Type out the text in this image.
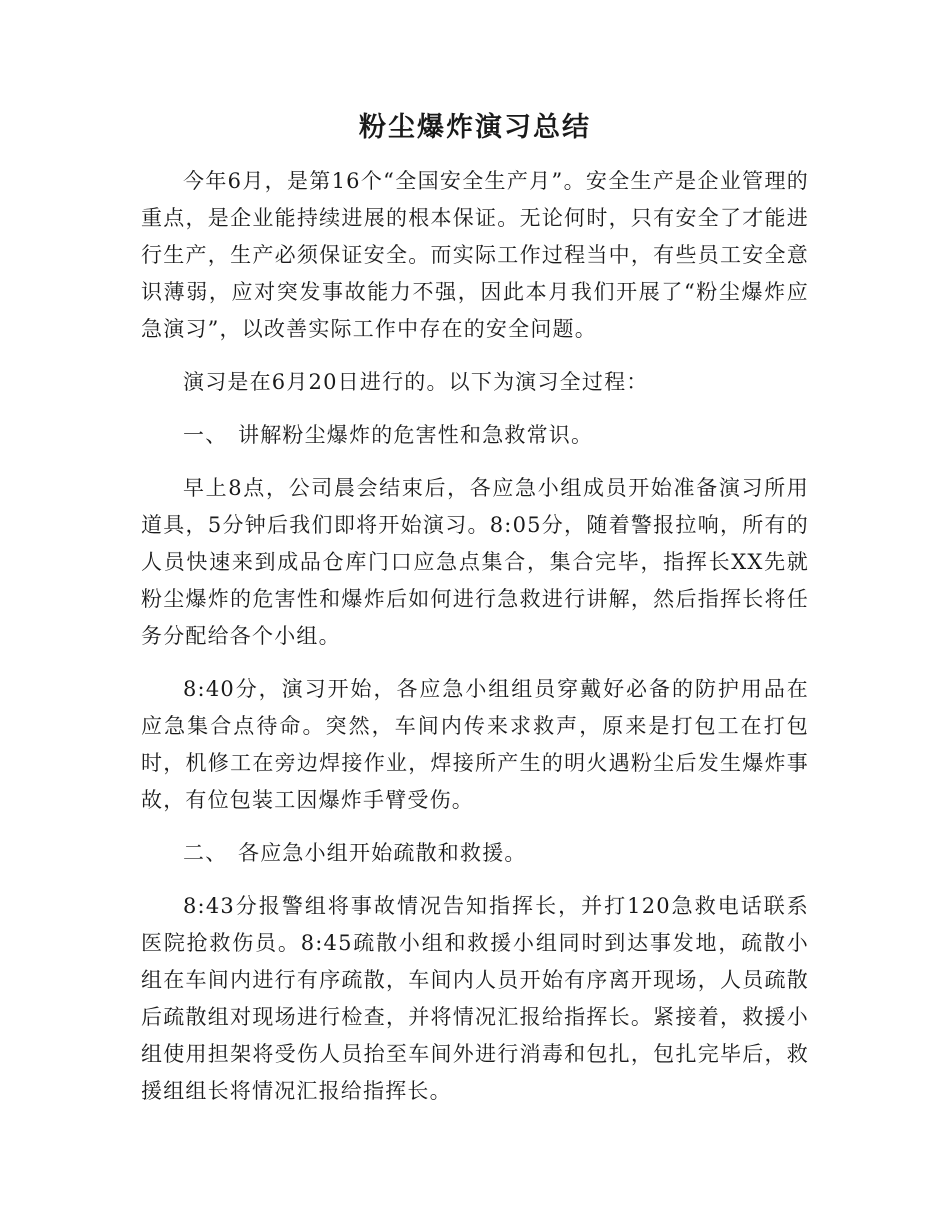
粉尘爆炸演习总结

今年6月，是第16个“全国安全生产月”。安全生产是企业管理的重点，是企业能持续进展的根本保证。无论何时，只有安全了才能进行生产，生产必须保证安全。而实际工作过程当中，有些员工安全意识薄弱，应对突发事故能力不强，因此本月我们开展了“粉尘爆炸应急演习”，以改善实际工作中存在的安全问题。

演习是在6月20日进行的。以下为演习全过程：

一、 讲解粉尘爆炸的危害性和急救常识。

早上8点，公司晨会结束后，各应急小组成员开始准备演习所用道具，5分钟后我们即将开始演习。8:05分，随着警报拉响，所有的人员快速来到成品仓库门口应急点集合，集合完毕，指挥长XX先就粉尘爆炸的危害性和爆炸后如何进行急救进行讲解，然后指挥长将任务分配给各个小组。

8:40分，演习开始，各应急小组组员穿戴好必备的防护用品在应急集合点待命。突然，车间内传来求救声，原来是打包工在打包时，机修工在旁边焊接作业，焊接所产生的明火遇粉尘后发生爆炸事故，有位包装工因爆炸手臂受伤。

二、 各应急小组开始疏散和救援。

8:43分报警组将事故情况告知指挥长，并打120急救电话联系医院抢救伤员。8:45疏散小组和救援小组同时到达事发地，疏散小组在车间内进行有序疏散，车间内人员开始有序离开现场，人员疏散后疏散组对现场进行检查，并将情况汇报给指挥长。紧接着，救援小组使用担架将受伤人员抬至车间外进行消毒和包扎，包扎完毕后，救援组组长将情况汇报给指挥长。
